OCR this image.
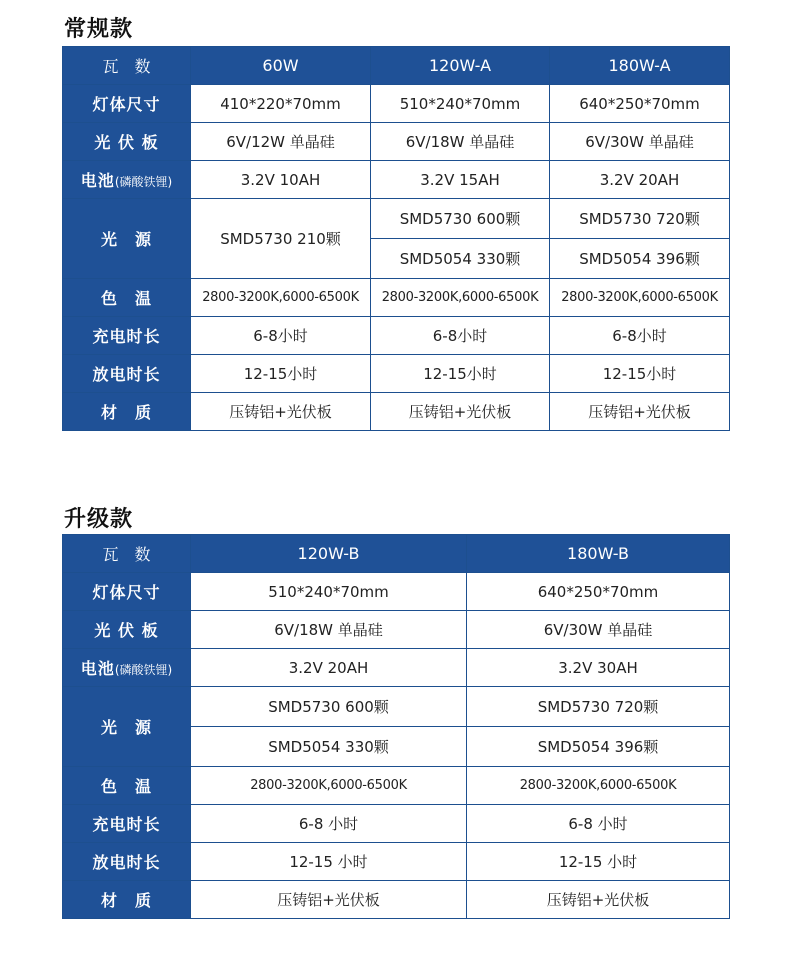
常规款
瓦　数	60W	120W-A	180W-A
灯体尺寸	410*220*70mm	510*240*70mm	640*250*70mm
光 伏 板	6V/12W 单晶硅	6V/18W 单晶硅	6V/30W 单晶硅
电池(磷酸铁锂)	3.2V 10AH	3.2V 15AH	3.2V 20AH
光　源	SMD5730 210颗	SMD5730 600颗	SMD5730 720颗
		SMD5054 330颗	SMD5054 396颗
色　温	2800-3200K,6000-6500K	2800-3200K,6000-6500K	2800-3200K,6000-6500K
充电时长	6-8小时	6-8小时	6-8小时
放电时长	12-15小时	12-15小时	12-15小时
材　质	压铸铝+光伏板	压铸铝+光伏板	压铸铝+光伏板
升级款
瓦　数	120W-B	180W-B
灯体尺寸	510*240*70mm	640*250*70mm
光 伏 板	6V/18W 单晶硅	6V/30W 单晶硅
电池(磷酸铁锂)	3.2V 20AH	3.2V 30AH
光　源	SMD5730 600颗	SMD5730 720颗
	SMD5054 330颗	SMD5054 396颗
色　温	2800-3200K,6000-6500K	2800-3200K,6000-6500K
充电时长	6-8 小时	6-8 小时
放电时长	12-15 小时	12-15 小时
材　质	压铸铝+光伏板	压铸铝+光伏板
